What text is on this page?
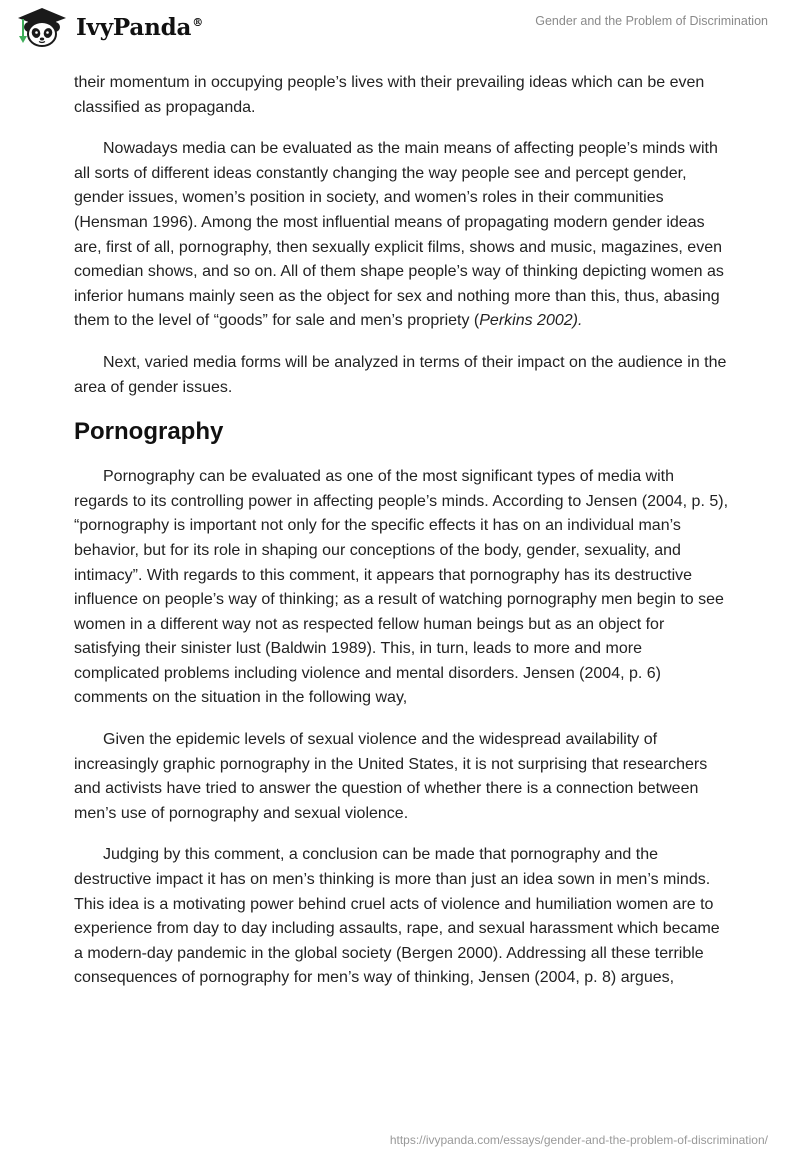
IvyPanda®	Gender and the Problem of Discrimination

their momentum in occupying people’s lives with their prevailing ideas which can be even classified as propaganda.

Nowadays media can be evaluated as the main means of affecting people’s minds with all sorts of different ideas constantly changing the way people see and percept gender, gender issues, women’s position in society, and women’s roles in their communities (Hensman 1996). Among the most influential means of propagating modern gender ideas are, first of all, pornography, then sexually explicit films, shows and music, magazines, even comedian shows, and so on. All of them shape people’s way of thinking depicting women as inferior humans mainly seen as the object for sex and nothing more than this, thus, abasing them to the level of “goods” for sale and men’s propriety (Perkins 2002).

Next, varied media forms will be analyzed in terms of their impact on the audience in the area of gender issues.

Pornography

Pornography can be evaluated as one of the most significant types of media with regards to its controlling power in affecting people’s minds. According to Jensen (2004, p. 5), “pornography is important not only for the specific effects it has on an individual man’s behavior, but for its role in shaping our conceptions of the body, gender, sexuality, and intimacy”. With regards to this comment, it appears that pornography has its destructive influence on people’s way of thinking; as a result of watching pornography men begin to see women in a different way not as respected fellow human beings but as an object for satisfying their sinister lust (Baldwin 1989). This, in turn, leads to more and more complicated problems including violence and mental disorders. Jensen (2004, p. 6) comments on the situation in the following way,

Given the epidemic levels of sexual violence and the widespread availability of increasingly graphic pornography in the United States, it is not surprising that researchers and activists have tried to answer the question of whether there is a connection between men’s use of pornography and sexual violence.

Judging by this comment, a conclusion can be made that pornography and the destructive impact it has on men’s thinking is more than just an idea sown in men’s minds. This idea is a motivating power behind cruel acts of violence and humiliation women are to experience from day to day including assaults, rape, and sexual harassment which became a modern-day pandemic in the global society (Bergen 2000). Addressing all these terrible consequences of pornography for men’s way of thinking, Jensen (2004, p. 8) argues,

https://ivypanda.com/essays/gender-and-the-problem-of-discrimination/
